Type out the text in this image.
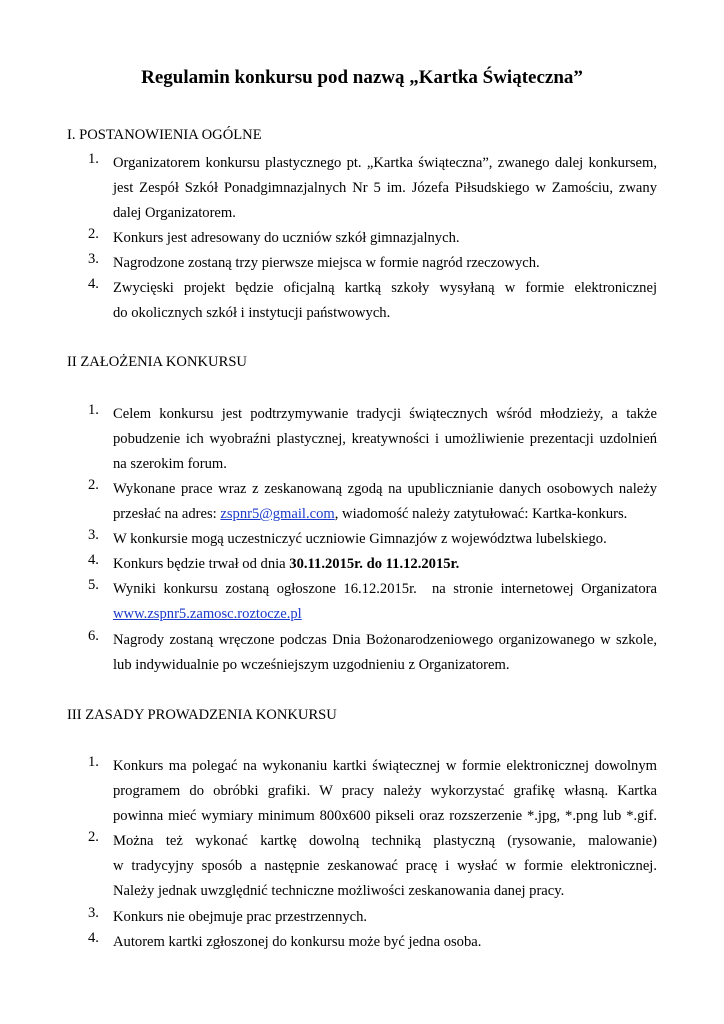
Regulamin konkursu pod nazwą „Kartka Świąteczna”
I. POSTANOWIENIA OGÓLNE
1. Organizatorem konkursu plastycznego pt. „Kartka świąteczna”, zwanego dalej konkursem,
jest Zespół Szkół Ponadgimnazjalnych Nr 5 im. Józefa Piłsudskiego w Zamościu, zwany
dalej Organizatorem.
2. Konkurs jest adresowany do uczniów szkół gimnazjalnych.
3. Nagrodzone zostaną trzy pierwsze miejsca w formie nagród rzeczowych.
4. Zwycięski projekt będzie oficjalną kartką szkoły wysyłaną w formie elektronicznej
do okolicznych szkół i instytucji państwowych.
II ZAŁOŻENIA KONKURSU
1. Celem konkursu jest podtrzymywanie tradycji świątecznych wśród młodzieży, a także
pobudzenie ich wyobraźni plastycznej, kreatywności i umożliwienie prezentacji uzdolnień
na szerokim forum.
2. Wykonane prace wraz z zeskanowaną zgodą na upublicznianie danych osobowych należy
przesłać na adres: zspnr5@gmail.com, wiadomość należy zatytułować: Kartka-konkurs.
3. W konkursie mogą uczestniczyć uczniowie Gimnazjów z województwa lubelskiego.
4. Konkurs będzie trwał od dnia 30.11.2015r. do 11.12.2015r.
5. Wyniki konkursu zostaną ogłoszone 16.12.2015r.  na stronie internetowej Organizatora
www.zspnr5.zamosc.roztocze.pl
6. Nagrody zostaną wręczone podczas Dnia Bożonarodzeniowego organizowanego w szkole,
lub indywidualnie po wcześniejszym uzgodnieniu z Organizatorem.
III ZASADY PROWADZENIA KONKURSU
1. Konkurs ma polegać na wykonaniu kartki świątecznej w formie elektronicznej dowolnym
programem do obróbki grafiki. W pracy należy wykorzystać grafikę własną. Kartka
powinna mieć wymiary minimum 800x600 pikseli oraz rozszerzenie *.jpg, *.png lub *.gif.
2. Można też wykonać kartkę dowolną techniką plastyczną (rysowanie, malowanie)
w tradycyjny sposób a następnie zeskanować pracę i wysłać w formie elektronicznej.
Należy jednak uwzględnić techniczne możliwości zeskanowania danej pracy.
3. Konkurs nie obejmuje prac przestrzennych.
4. Autorem kartki zgłoszonej do konkursu może być jedna osoba.
